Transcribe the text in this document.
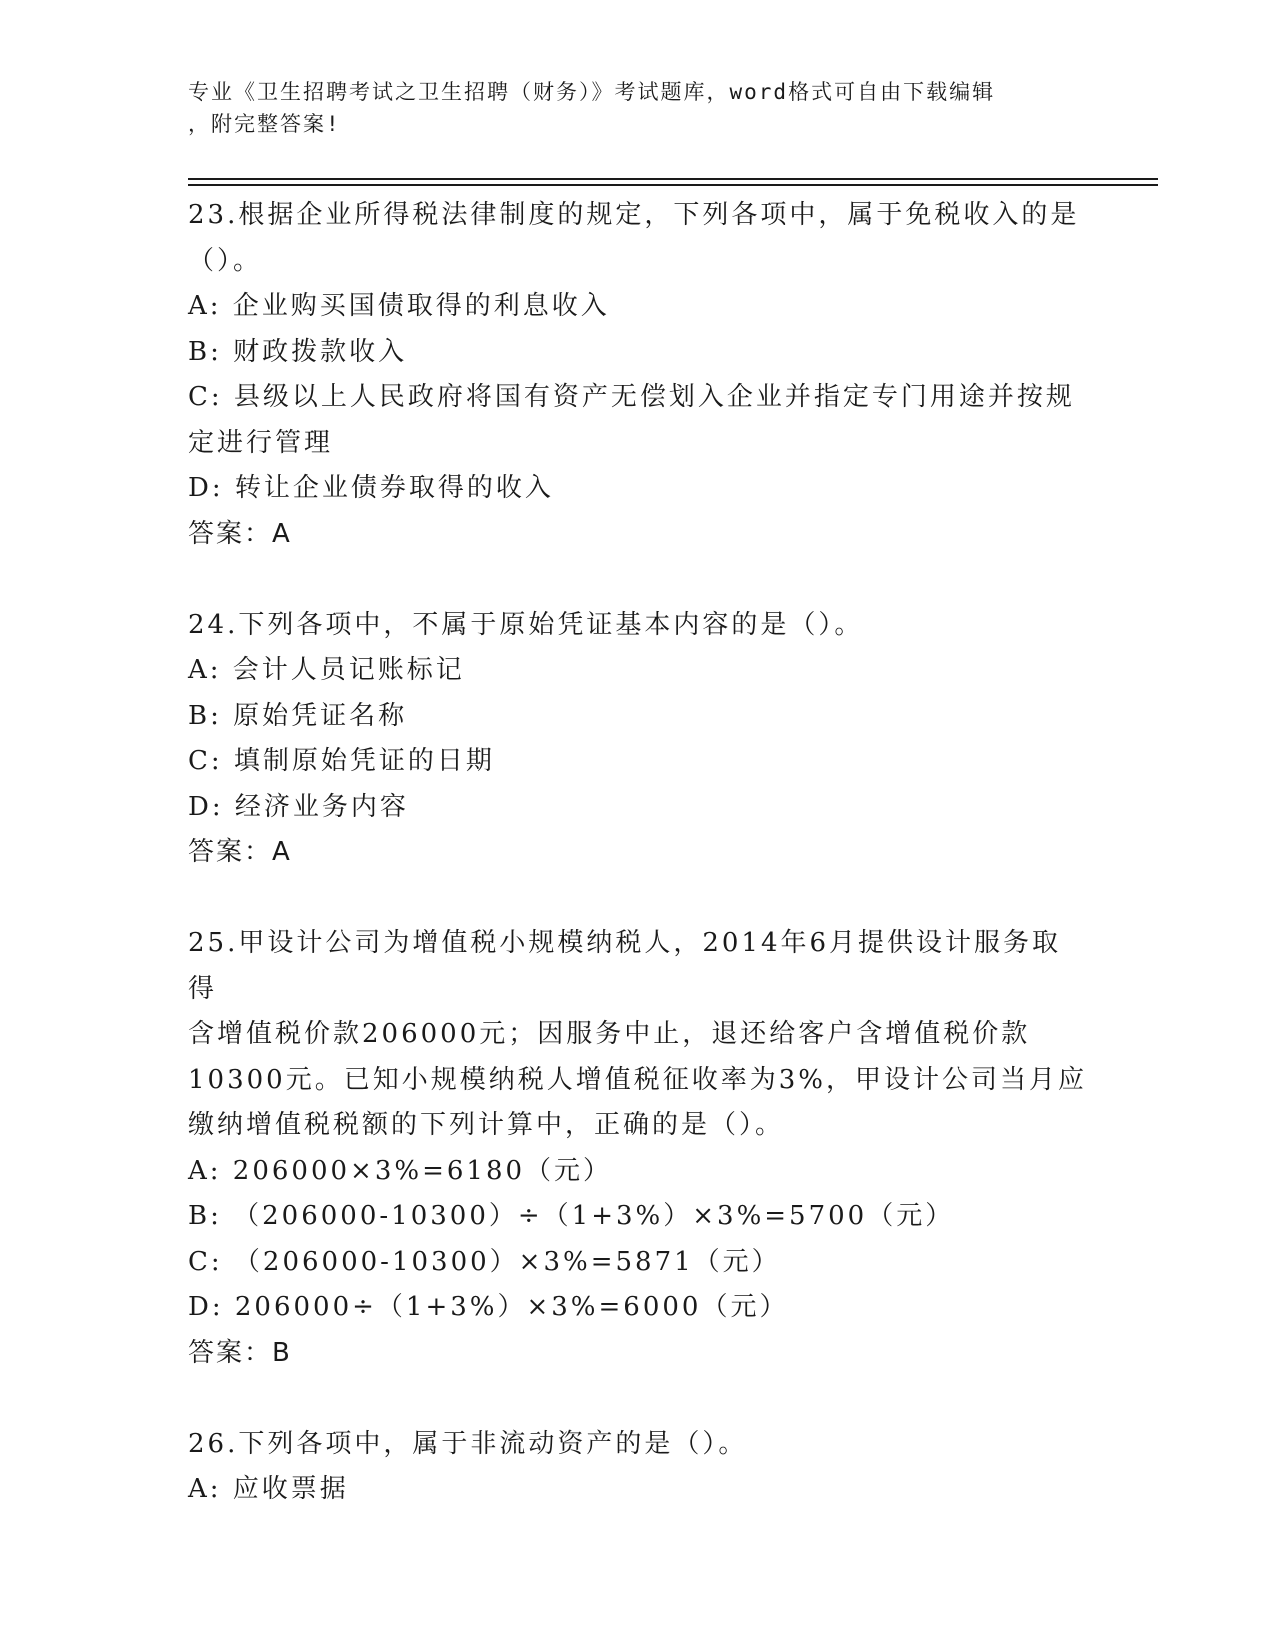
专业《卫生招聘考试之卫生招聘（财务）》考试题库，word格式可自由下载编辑
，附完整答案!
23.根据企业所得税法律制度的规定，下列各项中，属于免税收入的是
（）。
A: 企业购买国债取得的利息收入
B: 财政拨款收入
C: 县级以上人民政府将国有资产无偿划入企业并指定专门用途并按规
定进行管理
D: 转让企业债券取得的收入
答案：A
24.下列各项中，不属于原始凭证基本内容的是（）。
A: 会计人员记账标记
B: 原始凭证名称
C: 填制原始凭证的日期
D: 经济业务内容
答案：A
25.甲设计公司为增值税小规模纳税人，2014年6月提供设计服务取得
含增值税价款206000元；因服务中止，退还给客户含增值税价款
10300元。已知小规模纳税人增值税征收率为3%，甲设计公司当月应
缴纳增值税税额的下列计算中，正确的是（）。
A: 206000×3%=6180（元）
B: （206000-10300）÷（1+3%）×3%=5700（元）
C: （206000-10300）×3%=5871（元）
D: 206000÷（1+3%）×3%=6000（元）
答案：B
26.下列各项中，属于非流动资产的是（）。
A: 应收票据
